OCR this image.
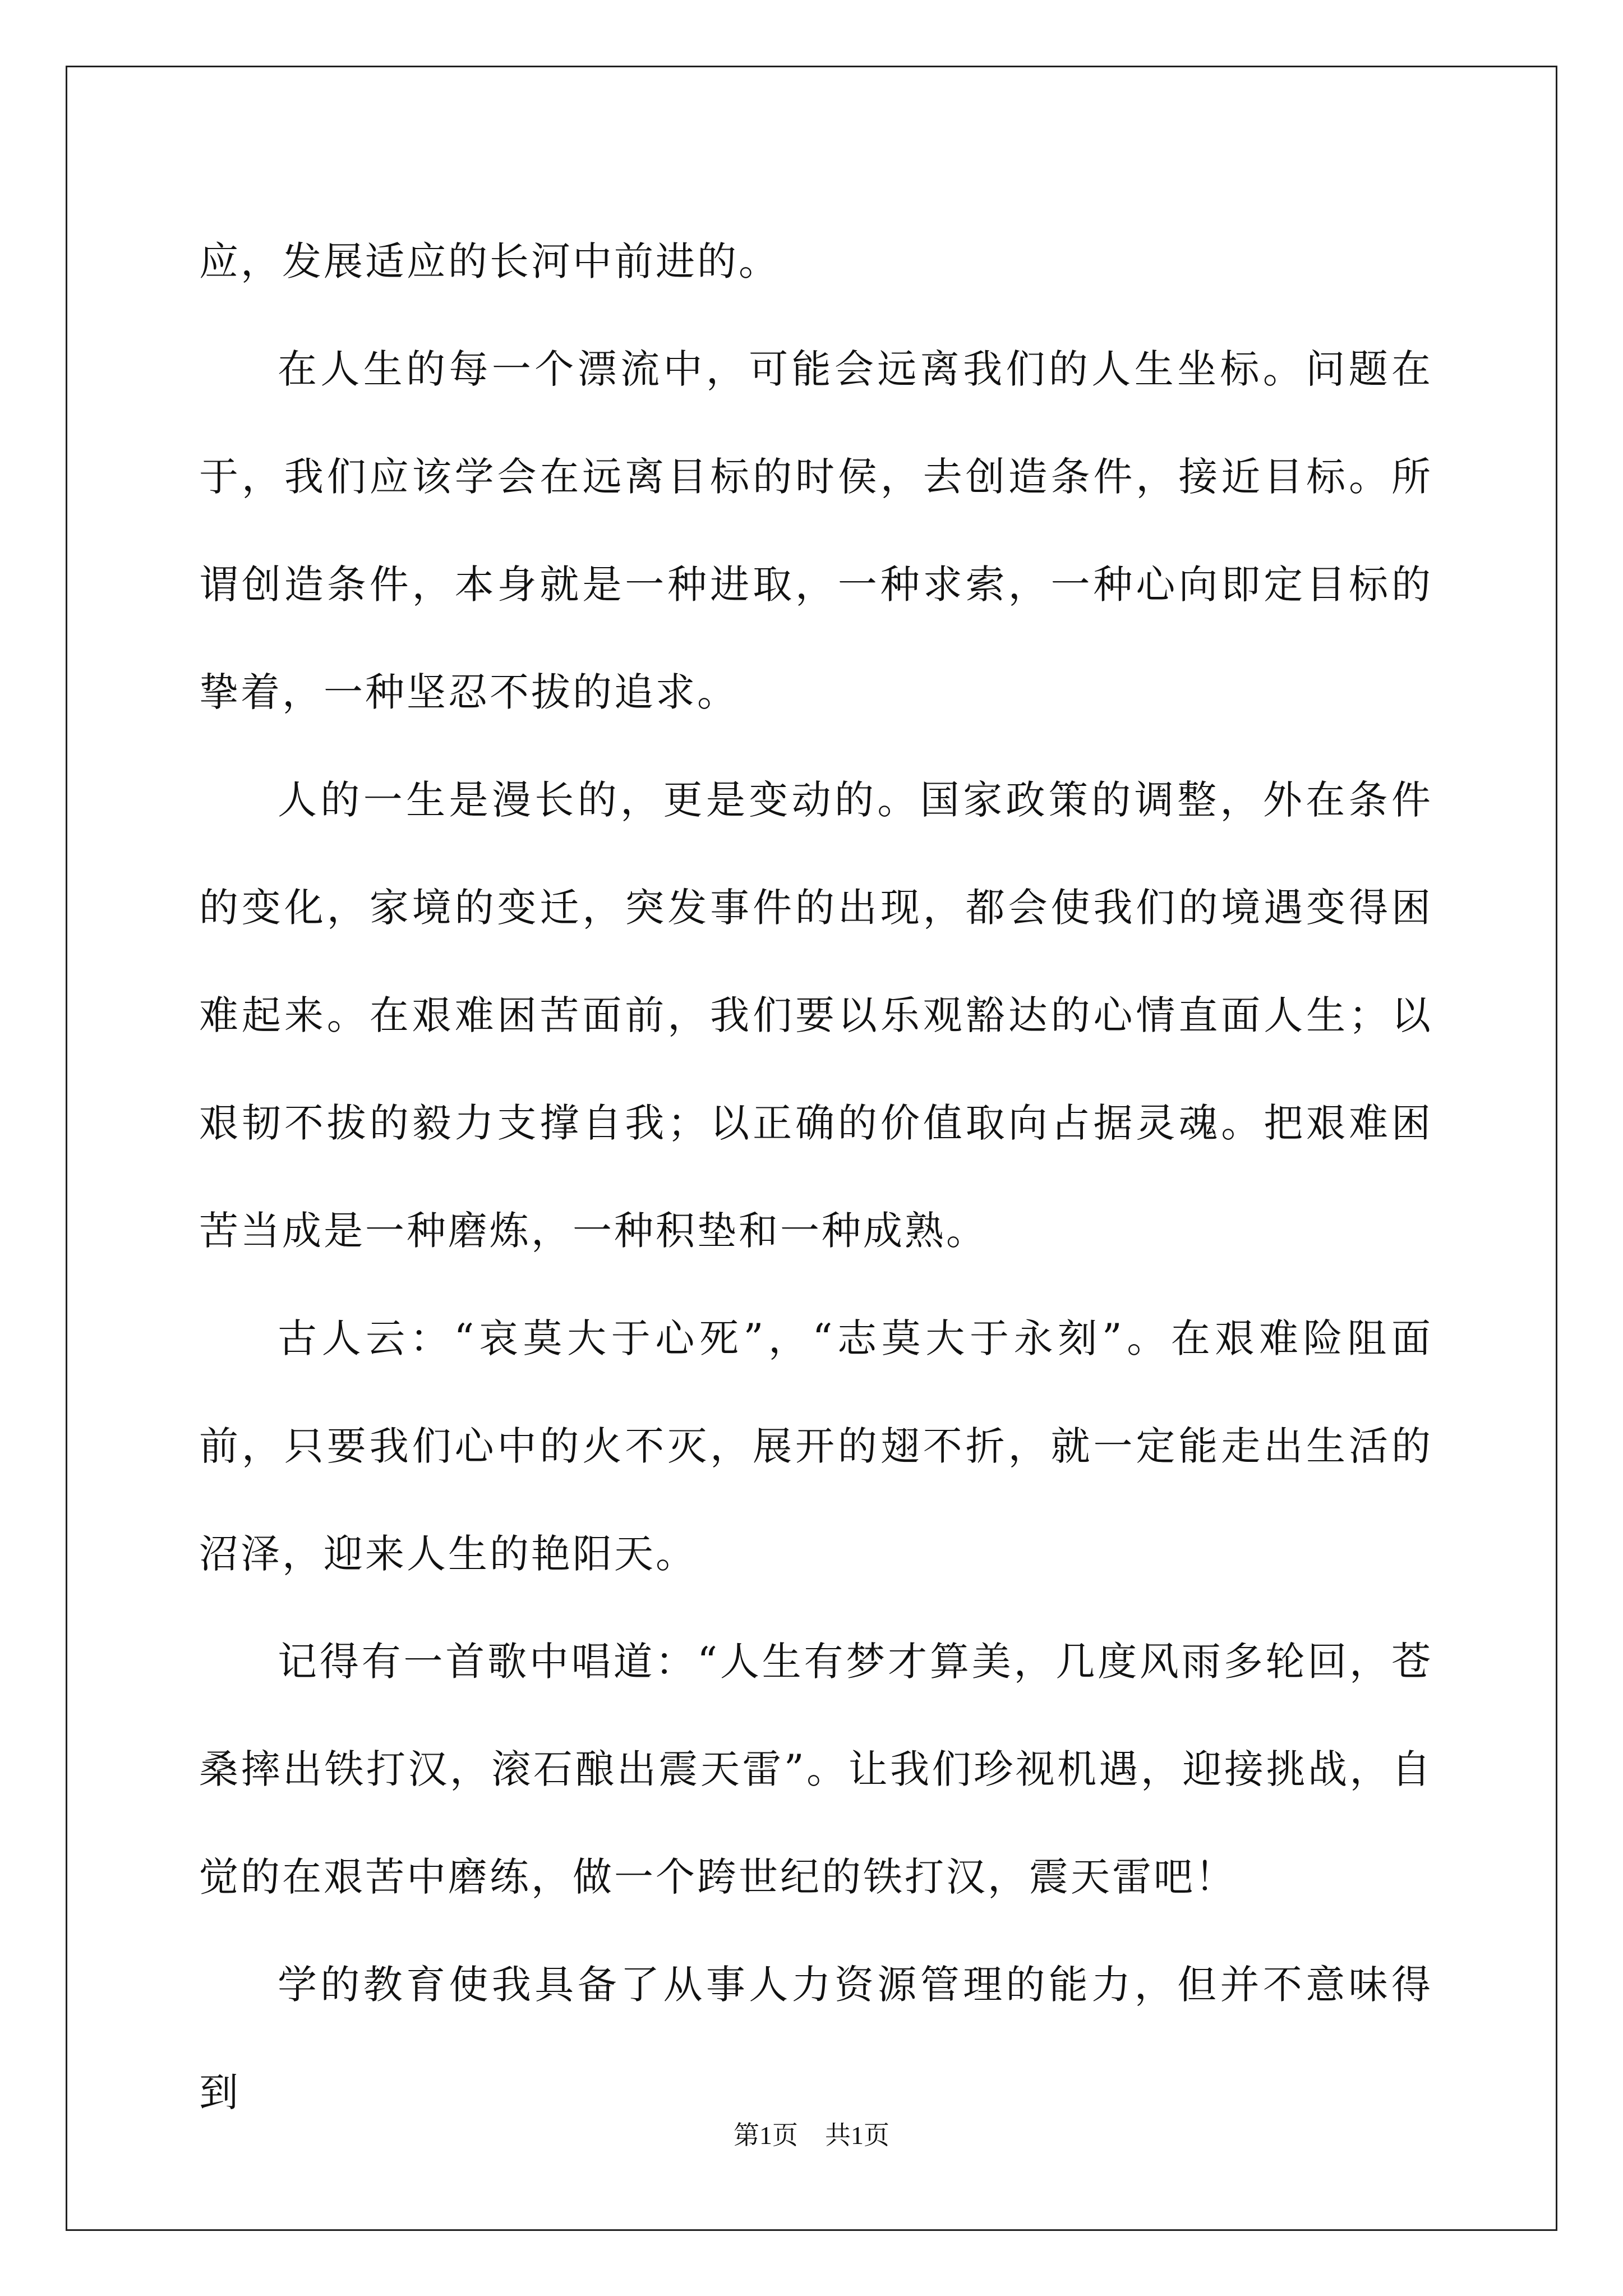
应，发展适应的长河中前进的。

在人生的每一个漂流中，可能会远离我们的人生坐标。问题在于，我们应该学会在远离目标的时侯，去创造条件，接近目标。所谓创造条件，本身就是一种进取，一种求索，一种心向即定目标的挚着，一种坚忍不拔的追求。

人的一生是漫长的，更是变动的。国家政策的调整，外在条件的变化，家境的变迁，突发事件的出现，都会使我们的境遇变得困难起来。在艰难困苦面前，我们要以乐观豁达的心情直面人生；以艰韧不拔的毅力支撑自我；以正确的价值取向占据灵魂。把艰难困苦当成是一种磨炼，一种积垫和一种成熟。

古人云：“哀莫大于心死”，“志莫大于永刻”。在艰难险阻面前，只要我们心中的火不灭，展开的翅不折，就一定能走出生活的沼泽，迎来人生的艳阳天。

记得有一首歌中唱道：“人生有梦才算美，几度风雨多轮回，苍桑摔出铁打汉，滚石酿出震天雷”。让我们珍视机遇，迎接挑战，自觉的在艰苦中磨练，做一个跨世纪的铁打汉，震天雷吧！

学的教育使我具备了从事人力资源管理的能力，但并不意味得到

第1页 共1页
